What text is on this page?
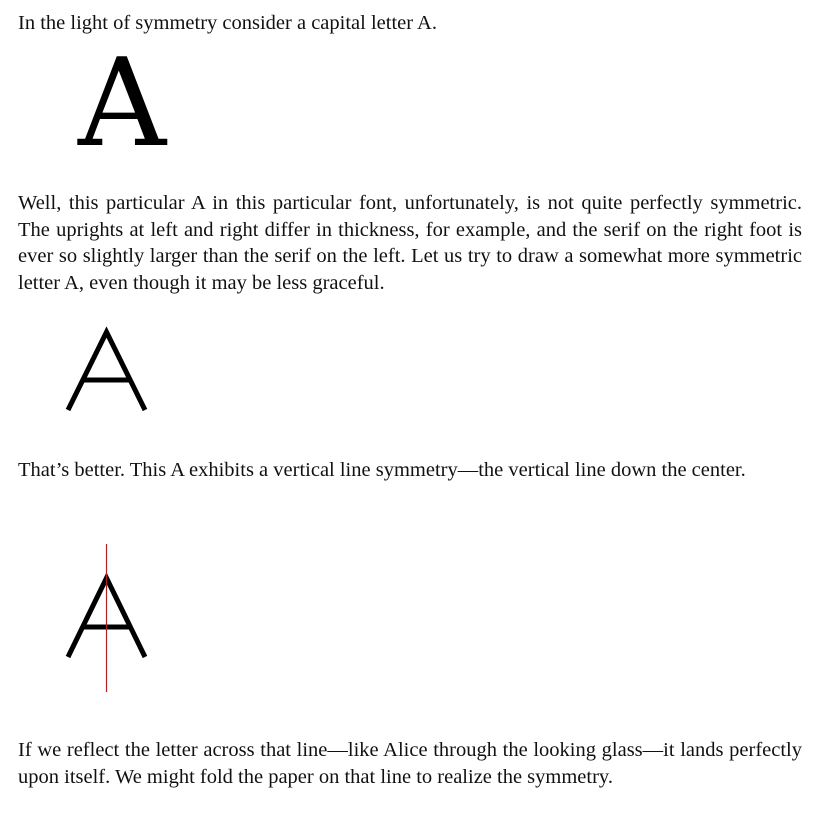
In the light of symmetry consider a capital letter A.

A

Well, this particular A in this particular font, unfortunately, is not quite perfectly symmetric. The uprights at left and right differ in thickness, for example, and the serif on the right foot is ever so slightly larger than the serif on the left. Let us try to draw a somewhat more symmetric letter A, even though it may be less graceful.

That’s better. This A exhibits a vertical line symmetry—the vertical line down the center.

If we reflect the letter across that line—like Alice through the looking glass—it lands perfectly upon itself. We might fold the paper on that line to realize the symmetry.
